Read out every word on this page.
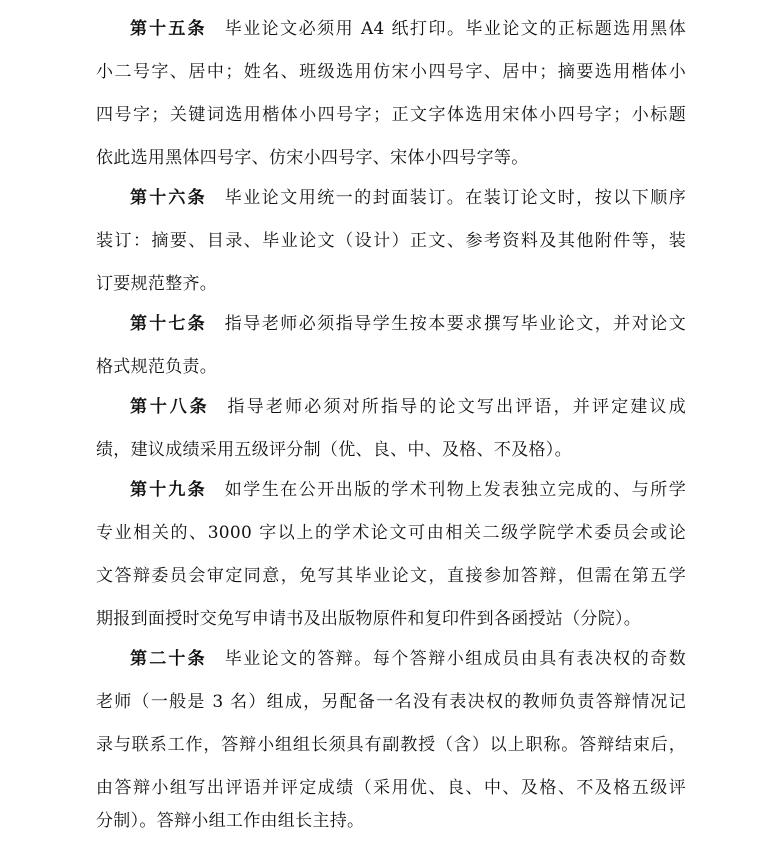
第十五条 毕业论文必须用 A4 纸打印。毕业论文的正标题选用黑体
小二号字、居中；姓名、班级选用仿宋小四号字、居中；摘要选用楷体小
四号字；关键词选用楷体小四号字；正文字体选用宋体小四号字；小标题
依此选用黑体四号字、仿宋小四号字、宋体小四号字等。
第十六条 毕业论文用统一的封面装订。在装订论文时，按以下顺序
装订：摘要、目录、毕业论文（设计）正文、参考资料及其他附件等，装
订要规范整齐。
第十七条 指导老师必须指导学生按本要求撰写毕业论文，并对论文
格式规范负责。
第十八条 指导老师必须对所指导的论文写出评语，并评定建议成
绩，建议成绩采用五级评分制（优、良、中、及格、不及格）。
第十九条 如学生在公开出版的学术刊物上发表独立完成的、与所学
专业相关的、3000 字以上的学术论文可由相关二级学院学术委员会或论
文答辩委员会审定同意，免写其毕业论文，直接参加答辩，但需在第五学
期报到面授时交免写申请书及出版物原件和复印件到各函授站（分院）。
第二十条 毕业论文的答辩。每个答辩小组成员由具有表决权的奇数
老师（一般是 3 名）组成，另配备一名没有表决权的教师负责答辩情况记
录与联系工作，答辩小组组长须具有副教授（含）以上职称。答辩结束后，
由答辩小组写出评语并评定成绩（采用优、良、中、及格、不及格五级评
分制）。答辩小组工作由组长主持。
